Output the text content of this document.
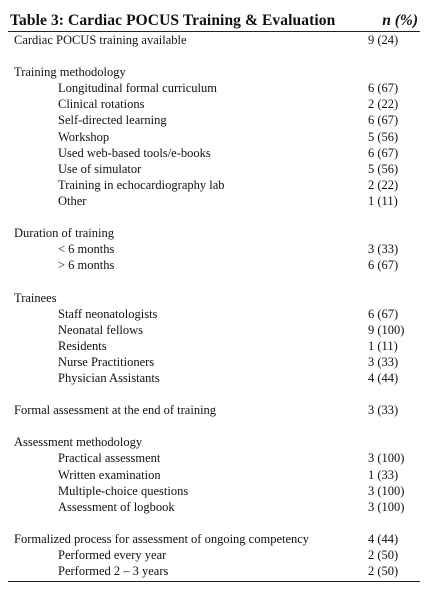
Table 3: Cardiac POCUS Training & Evaluation	n (%)
Cardiac POCUS training available	9 (24)
Training methodology
Longitudinal formal curriculum	6 (67)
Clinical rotations	2 (22)
Self-directed learning	6 (67)
Workshop	5 (56)
Used web-based tools/e-books	6 (67)
Use of simulator	5 (56)
Training in echocardiography lab	2 (22)
Other	1 (11)
Duration of training
< 6 months	3 (33)
> 6 months	6 (67)
Trainees
Staff neonatologists	6 (67)
Neonatal fellows	9 (100)
Residents	1 (11)
Nurse Practitioners	3 (33)
Physician Assistants	4 (44)
Formal assessment at the end of training	3 (33)
Assessment methodology
Practical assessment	3 (100)
Written examination	1 (33)
Multiple-choice questions	3 (100)
Assessment of logbook	3 (100)
Formalized process for assessment of ongoing competency	4 (44)
Performed every year	2 (50)
Performed 2 – 3 years	2 (50)
